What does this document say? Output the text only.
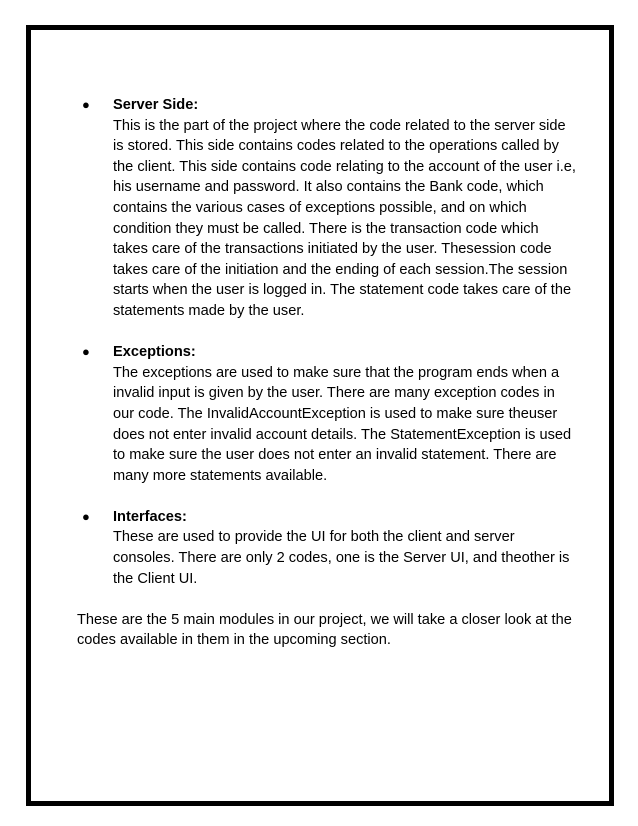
● Server Side:
This is the part of the project where the code related to the server side is stored. This side contains codes related to the operations called by the client. This side contains code relating to the account of the user i.e, his username and password. It also contains the Bank code, which contains the various cases of exceptions possible, and on which condition they must be called. There is the transaction code which takes care of the transactions initiated by the user. Thesession code takes care of the initiation and the ending of each session.The session starts when the user is logged in. The statement code takes care of the statements made by the user.
● Exceptions:
The exceptions are used to make sure that the program ends when a invalid input is given by the user. There are many exception codes in our code. The InvalidAccountException is used to make sure theuser does not enter invalid account details. The StatementException is used to make sure the user does not enter an invalid statement. There are many more statements available.
● Interfaces:
These are used to provide the UI for both the client and server consoles. There are only 2 codes, one is the Server UI, and theother is the Client UI.

These are the 5 main modules in our project, we will take a closer look at the codes available in them in the upcoming section.
